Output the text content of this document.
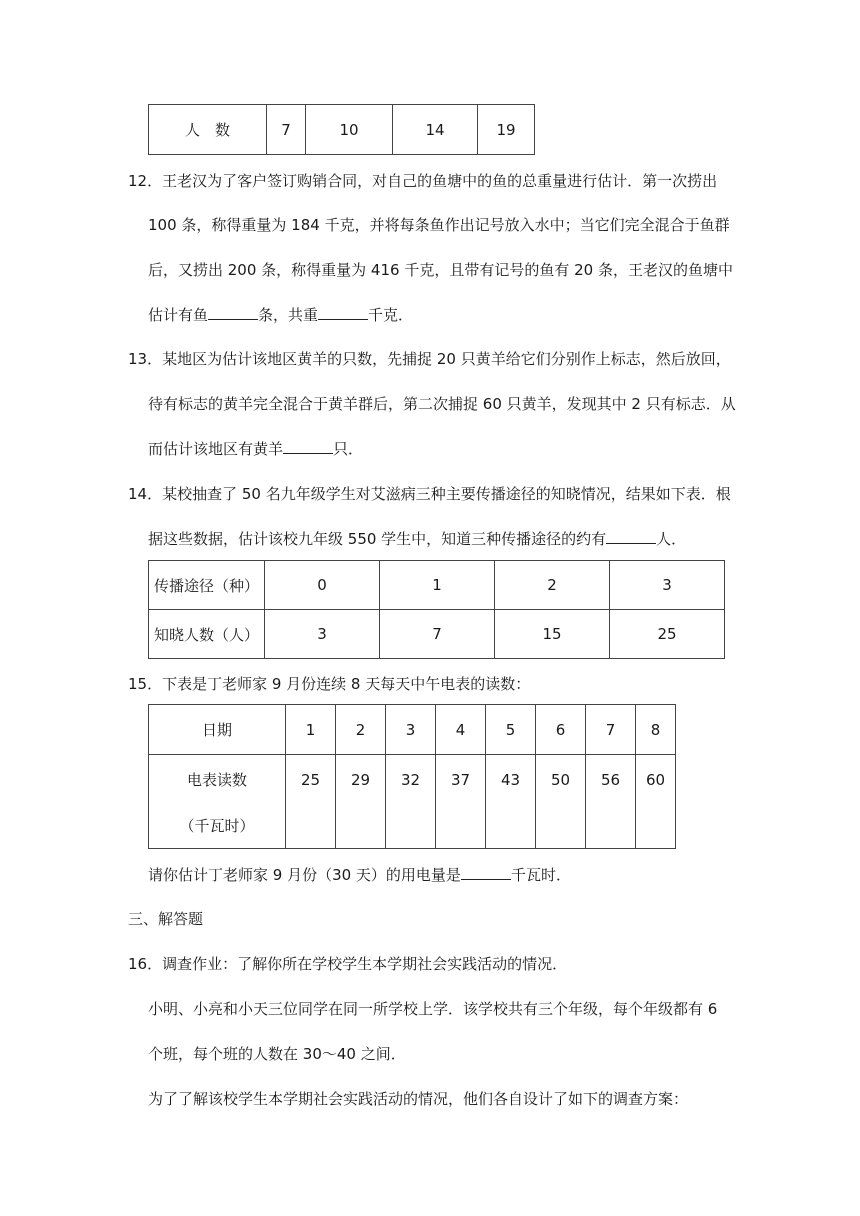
人　数	7	10	14	19
12．王老汉为了客户签订购销合同，对自己的鱼塘中的鱼的总重量进行估计．第一次捞出
100 条，称得重量为 184 千克，并将每条鱼作出记号放入水中；当它们完全混合于鱼群
后，又捞出 200 条，称得重量为 416 千克，且带有记号的鱼有 20 条，王老汉的鱼塘中
估计有鱼	条，共重	千克．
13．某地区为估计该地区黄羊的只数，先捕捉 20 只黄羊给它们分别作上标志，然后放回，
待有标志的黄羊完全混合于黄羊群后，第二次捕捉 60 只黄羊，发现其中 2 只有标志．从
而估计该地区有黄羊	只．
14．某校抽查了 50 名九年级学生对艾滋病三种主要传播途径的知晓情况，结果如下表．根
据这些数据，估计该校九年级 550 学生中，知道三种传播途径的约有	人．
传播途径（种）	0	1	2	3
知晓人数（人）	3	7	15	25
15．下表是丁老师家 9 月份连续 8 天每天中午电表的读数：
日期	1	2	3	4	5	6	7	8

电表读数
（千瓦时）	25	29	32	37	43	50	56	60
请你估计丁老师家 9 月份（30 天）的用电量是	千瓦时．
三、解答题
16．调查作业：了解你所在学校学生本学期社会实践活动的情况．
小明、小亮和小天三位同学在同一所学校上学．该学校共有三个年级，每个年级都有 6
个班，每个班的人数在 30～40 之间．
为了了解该校学生本学期社会实践活动的情况，他们各自设计了如下的调查方案：
